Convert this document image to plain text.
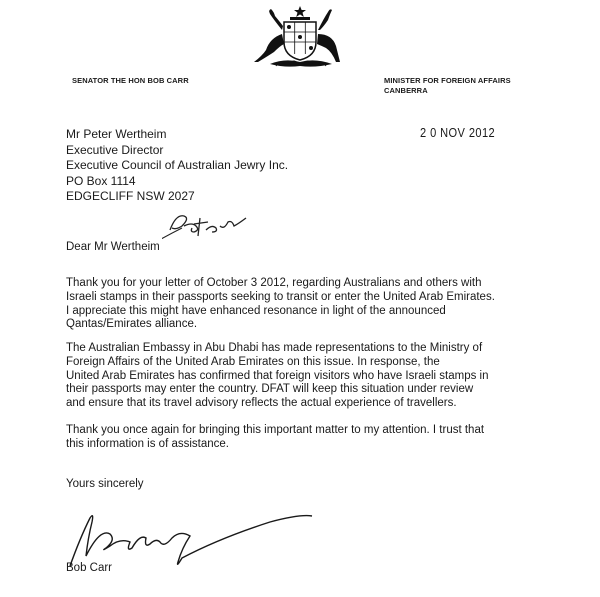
SENATOR THE HON BOB CARR	MINISTER FOR FOREIGN AFFAIRS
CANBERRA
2 0 NOV 2012
Mr Peter Wertheim
Executive Director
Executive Council of Australian Jewry Inc.
PO Box 1114
EDGECLIFF NSW 2027
Dear Mr Wertheim
Thank you for your letter of October 3 2012, regarding Australians and others with
Israeli stamps in their passports seeking to transit or enter the United Arab Emirates.
I appreciate this might have enhanced resonance in light of the announced
Qantas/Emirates alliance.
The Australian Embassy in Abu Dhabi has made representations to the Ministry of
Foreign Affairs of the United Arab Emirates on this issue. In response, the
United Arab Emirates has confirmed that foreign visitors who have Israeli stamps in
their passports may enter the country. DFAT will keep this situation under review
and ensure that its travel advisory reflects the actual experience of travellers.
Thank you once again for bringing this important matter to my attention. I trust that
this information is of assistance.
Yours sincerely
Bob Carr
